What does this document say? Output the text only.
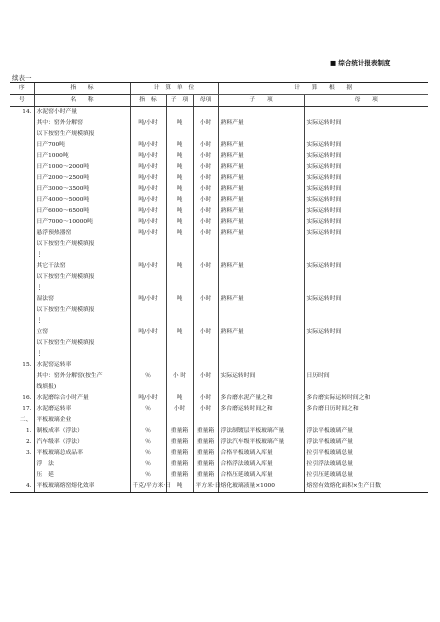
■ 综合统计报表制度
续表一
序	指　　标	计　算　单　位			计　　算　　根　　据	
号	名　　称	指　标	子　项	母项	子　　项	母　　项
14.	水泥窑小时产量					
	其中：窑外分解窑	吨/小时	吨	小时	熟料产量	实际运转时间
	以下按窑生产规模填报					
	日产700吨	吨/小时	吨	小时	熟料产量	实际运转时间
	日产1000吨	吨/小时	吨	小时	熟料产量	实际运转时间
	日产1000～2000吨	吨/小时	吨	小时	熟料产量	实际运转时间
	日产2000～2500吨	吨/小时	吨	小时	熟料产量	实际运转时间
	日产3000～3500吨	吨/小时	吨	小时	熟料产量	实际运转时间
	日产4000～5000吨	吨/小时	吨	小时	熟料产量	实际运转时间
	日产6000～6500吨	吨/小时	吨	小时	熟料产量	实际运转时间
	日产7000～10000吨	吨/小时	吨	小时	熟料产量	实际运转时间
	悬浮预热器窑	吨/小时	吨	小时	熟料产量	实际运转时间
	以下按窑生产规模填报					
	⋮					
	其它干法窑	吨/小时	吨	小时	熟料产量	实际运转时间
	以下按窑生产规模填报					
	⋮					
	湿法窑	吨/小时	吨	小时	熟料产量	实际运转时间
	以下按窑生产规模填报					
	⋮					
	立窑	吨/小时	吨	小时	熟料产量	实际运转时间
	以下按窑生产规模填报					
	⋮					
15.	水泥窑运转率					
	其中：窑外分解窑(按生产	％	小 时	小时	实际运转时间	日历时间
	线填报)					
16.	水泥磨综合小时产量	吨/小时	吨	小时	多台磨水泥产量之和	多台磨实际运转时间之和
17.	水泥磨运转率	％	小时	小时	多台磨运转时间之和	多台磨日历时间之和
二、	平板玻璃企业					
1.	制板成率（浮法）	％	重量箱	重量箱	浮法制镀层平板玻璃产量	浮法平板玻璃产量
2.	汽车级率（浮法）	％	重量箱	重量箱	浮法汽车级平板玻璃产量	浮法平板玻璃产量
3.	平板玻璃总成品率	％	重量箱	重量箱	合格平板玻璃入库量	拉引平板玻璃总量
	浮　法	％	重量箱	重量箱	合格浮法玻璃入库量	拉引浮法玻璃总量
	压　延	％	重量箱	重量箱	合格压延玻璃入库量	拉引压延玻璃总量
4.	平板玻璃熔窑熔化效率	千克/平方米·日	吨	平方米·日	熔化玻璃液量×1000	熔窑有效熔化面积×生产日数
